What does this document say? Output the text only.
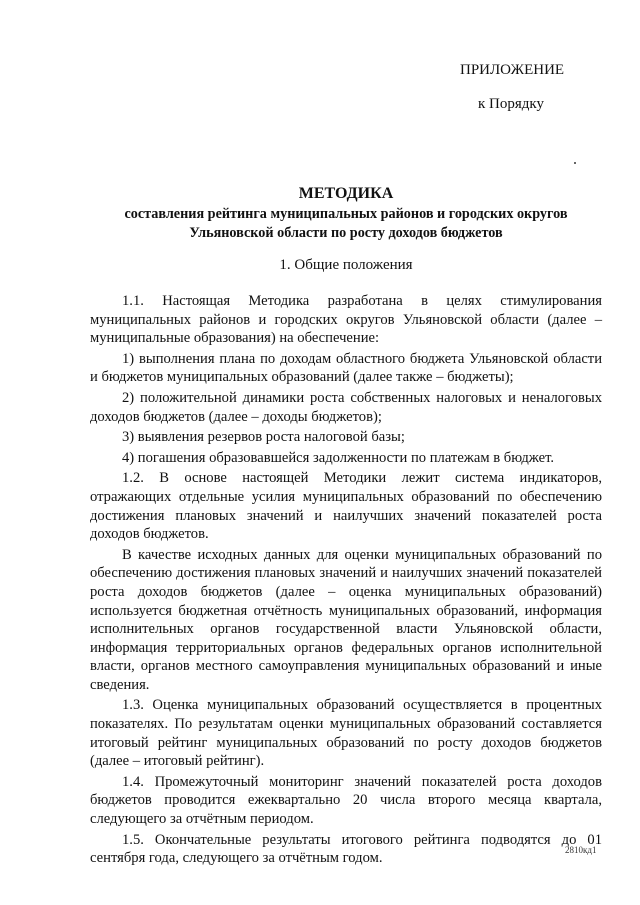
ПРИЛОЖЕНИЕ
к Порядку
МЕТОДИКА
составления рейтинга муниципальных районов и городских округов Ульяновской области по росту доходов бюджетов
1. Общие положения

1.1. Настоящая Методика разработана в целях стимулирования муниципальных районов и городских округов Ульяновской области (далее – муниципальные образования) на обеспечение:

1) выполнения плана по доходам областного бюджета Ульяновской области и бюджетов муниципальных образований (далее также – бюджеты);

2) положительной динамики роста собственных налоговых и неналоговых доходов бюджетов (далее – доходы бюджетов);

3) выявления резервов роста налоговой базы;

4) погашения образовавшейся задолженности по платежам в бюджет.

1.2. В основе настоящей Методики лежит система индикаторов, отражающих отдельные усилия муниципальных образований по обеспечению достижения плановых значений и наилучших значений показателей роста доходов бюджетов.

В качестве исходных данных для оценки муниципальных образований по обеспечению достижения плановых значений и наилучших значений показателей роста доходов бюджетов (далее – оценка муниципальных образований) используется бюджетная отчётность муниципальных образований, информация исполнительных органов государственной власти Ульяновской области, информация территориальных органов федеральных органов исполнительной власти, органов местного самоуправления муниципальных образований и иные сведения.

1.3. Оценка муниципальных образований осуществляется в процентных показателях. По результатам оценки муниципальных образований составляется итоговый рейтинг муниципальных образований по росту доходов бюджетов (далее – итоговый рейтинг).

1.4. Промежуточный мониторинг значений показателей роста доходов бюджетов проводится ежеквартально 20 числа второго месяца квартала, следующего за отчётным периодом.

1.5. Окончательные результаты итогового рейтинга подводятся до 01 сентября года, следующего за отчётным годом.

2810кд1
